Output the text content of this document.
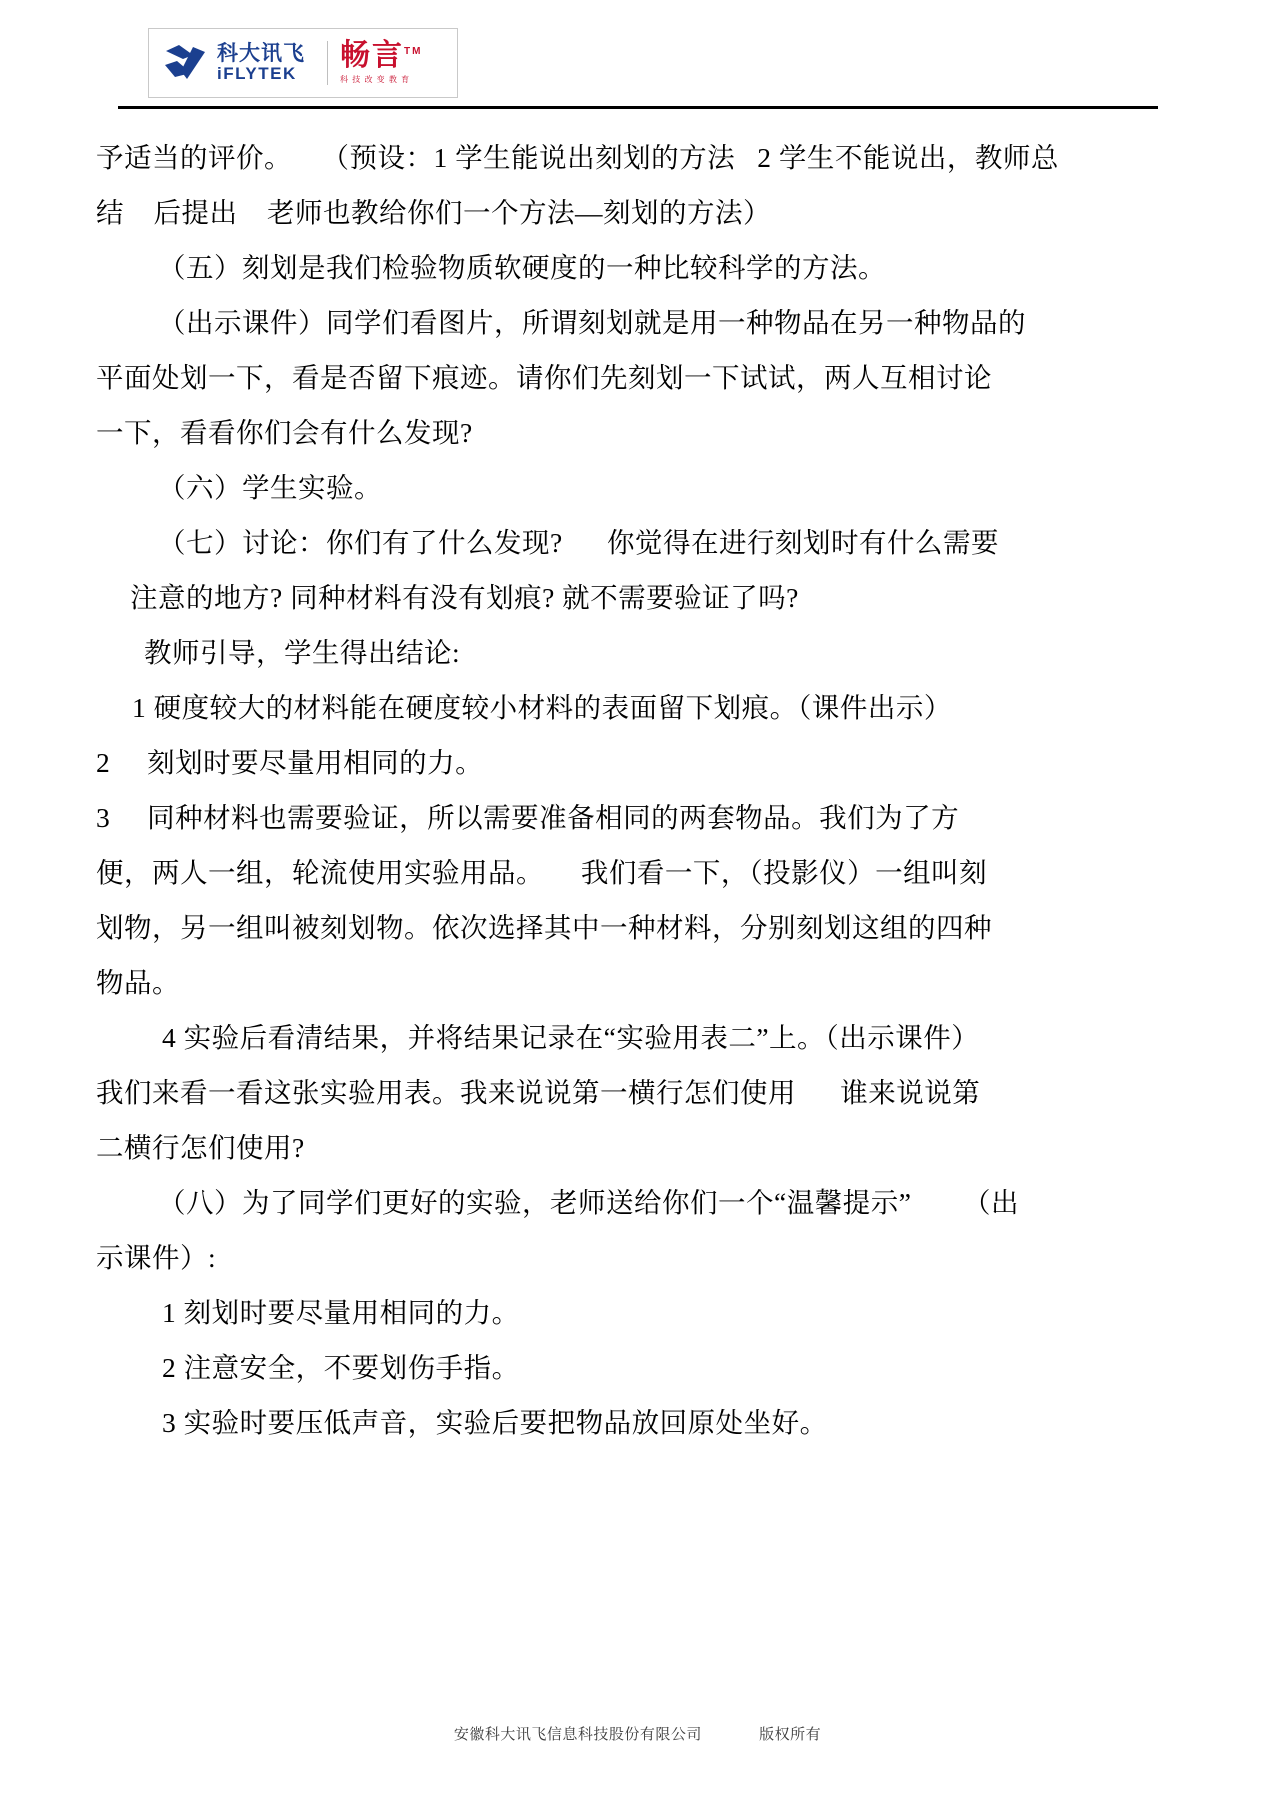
科大讯飞
iFLYTEK
畅言™
科 技 改 变 教 育

予适当的评价。    （预设：1 学生能说出刻划的方法   2 学生不能说出，教师总

结    后提出    老师也教给你们一个方法—刻划的方法）

（五）刻划是我们检验物质软硬度的一种比较科学的方法。

（出示课件）同学们看图片，所谓刻划就是用一种物品在另一种物品的

平面处划一下，看是否留下痕迹。请你们先刻划一下试试，两人互相讨论

一下，看看你们会有什么发现?

（六）学生实验。

（七）讨论：你们有了什么发现?      你觉得在进行刻划时有什么需要

注意的地方? 同种材料有没有划痕? 就不需要验证了吗?

教师引导，学生得出结论:

1 硬度较大的材料能在硬度较小材料的表面留下划痕。（课件出示）

2     刻划时要尽量用相同的力。

3     同种材料也需要验证，所以需要准备相同的两套物品。我们为了方

便，两人一组，轮流使用实验用品。     我们看一下，（投影仪）一组叫刻

划物，另一组叫被刻划物。依次选择其中一种材料，分别刻划这组的四种

物品。

4 实验后看清结果，并将结果记录在“实验用表二”上。（出示课件）

我们来看一看这张实验用表。我来说说第一横行怎们使用      谁来说说第

二横行怎们使用?

（八）为了同学们更好的实验，老师送给你们一个“温馨提示”       （出

示课件）:

1 刻划时要尽量用相同的力。

2 注意安全，不要划伤手指。

3 实验时要压低声音，实验后要把物品放回原处坐好。

安徽科大讯飞信息科技股份有限公司	版权所有
